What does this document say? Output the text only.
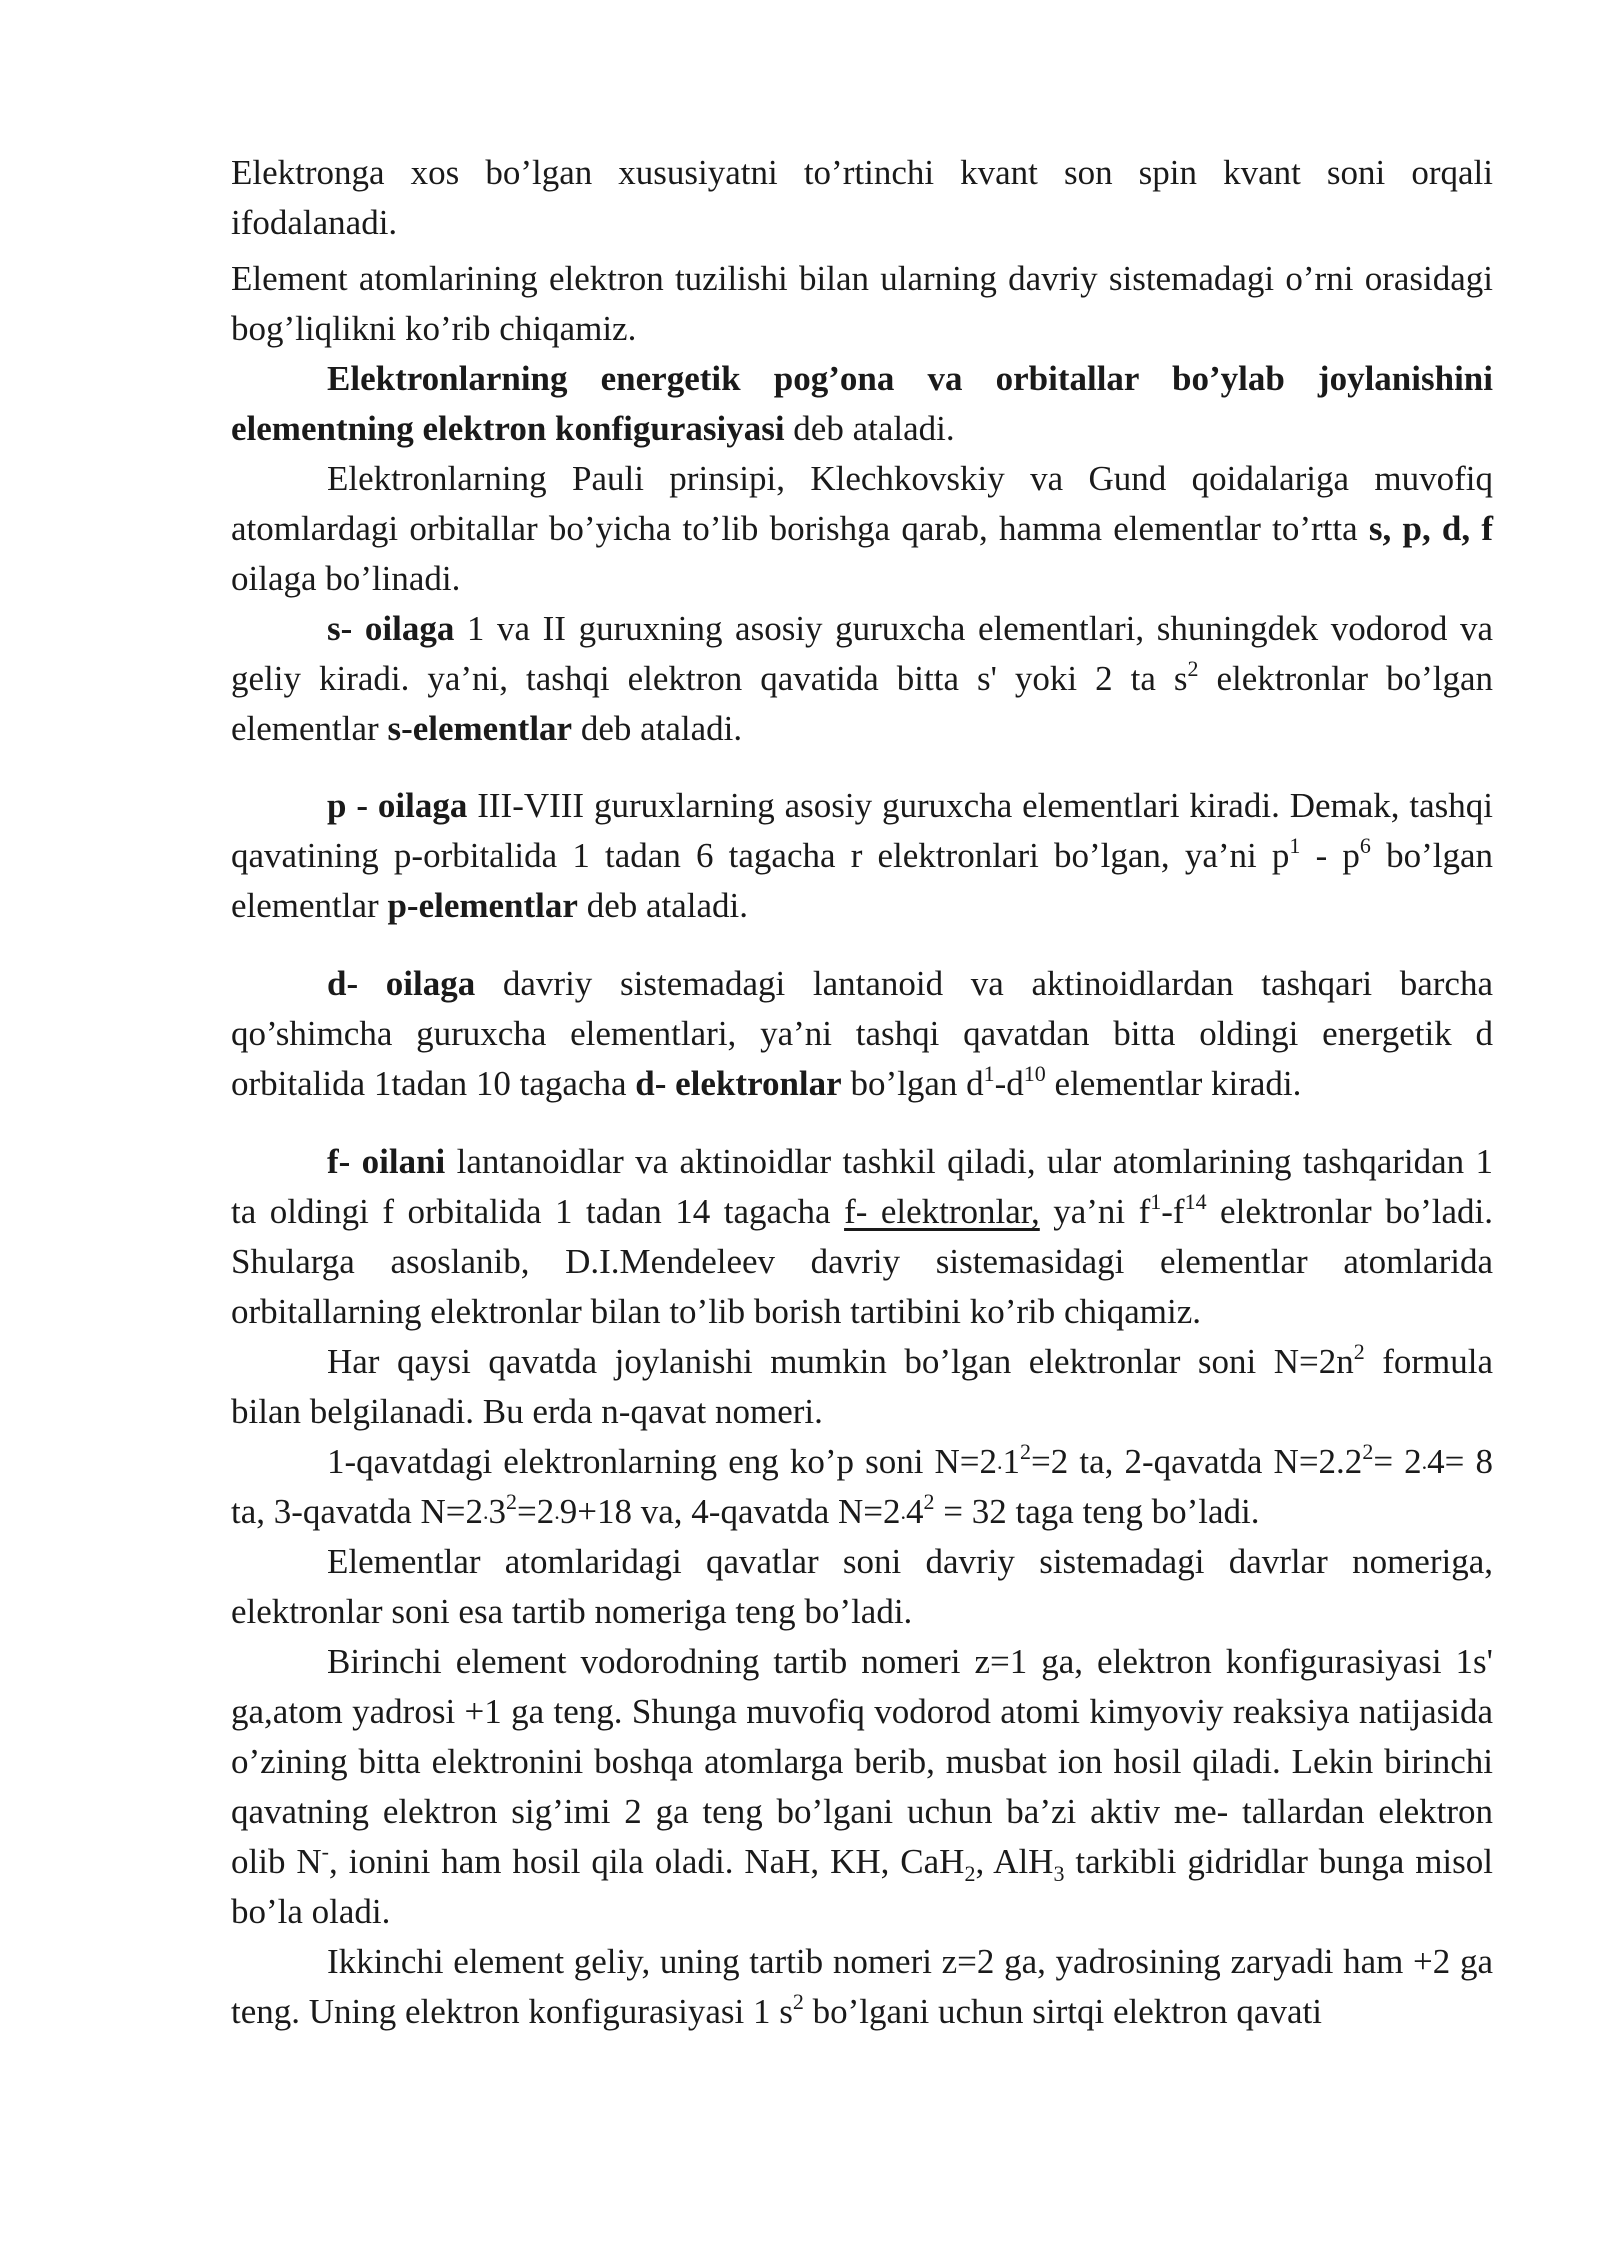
Elektronga xos bo’lgan xususiyatni to’rtinchi kvant son spin kvant soni orqali ifodalanadi.

Element atomlarining elektron tuzilishi bilan ularning davriy sistemadagi o’rni orasidagi bog’liqlikni ko’rib chiqamiz.

Elektronlarning energetik pog’ona va orbitallar bo’ylab joylanishini elementning elektron konfigurasiyasi deb ataladi.

Elektronlarning Pauli prinsipi, Klechkovskiy va Gund qoidalariga muvofiq atomlardagi orbitallar bo’yicha to’lib borishga qarab, hamma elementlar to’rtta s, p, d, f oilaga bo’linadi.

s- oilaga 1 va II guruxning asosiy guruxcha elementlari, shuningdek vodorod va geliy kiradi. ya’ni, tashqi elektron qavatida bitta s' yoki 2 ta $s^2$ elektronlar bo’lgan elementlar s-elementlar deb ataladi.

p - oilaga III-VIII guruxlarning asosiy guruxcha elementlari kiradi. Demak, tashqi qavatining p-orbitalida 1 tadan 6 tagacha r elektronlari bo’lgan, ya’ni $p^1 - p^6$ bo’lgan elementlar p-elementlar deb ataladi.

d- oilaga davriy sistemadagi lantanoid va aktinoidlardan tashqari barcha qo’shimcha guruxcha elementlari, ya’ni tashqi qavatdan bitta oldingi energetik d orbitalida 1tadan 10 tagacha d- elektronlar bo’lgan $d^1-d^{10}$ elementlar kiradi.

f- oilani lantanoidlar va aktinoidlar tashkil qiladi, ular atomlarining tashqaridan 1 ta oldingi f orbitalida 1 tadan 14 tagacha f- elektronlar, ya’ni $f^1-f^{14}$ elektronlar bo’ladi. Shularga asoslanib, D.I.Mendeleev davriy sistemasidagi elementlar atomlarida orbitallarning elektronlar bilan to’lib borish tartibini ko’rib chiqamiz.

Har qaysi qavatda joylanishi mumkin bo’lgan elektronlar soni $N=2n^2$ formula bilan belgilanadi. Bu erda n-qavat nomeri.

1-qavatdagi elektronlarning eng ko’p soni $N=2.1^2=2$ ta, 2-qavatda $N=2.2^2= 2.4= 8$ ta, 3-qavatda $N=2.3^2=2.9+18$ va, 4-qavatda $N=2.4^2 = 32$ taga teng bo’ladi.

Elementlar atomlaridagi qavatlar soni davriy sistemadagi davrlar nomeriga, elektronlar soni esa tartib nomeriga teng bo’ladi.

Birinchi element vodorodning tartib nomeri z=1 ga, elektron konfigurasiyasi 1s' ga,atom yadrosi +1 ga teng. Shunga muvofiq vodorod atomi kimyoviy reaksiya natijasida o’zining bitta elektronini boshqa atomlarga berib, musbat ion hosil qiladi. Lekin birinchi qavatning elektron sig’imi 2 ga teng bo’lgani uchun ba’zi aktiv me- tallardan elektron olib N-, ionini ham hosil qila oladi. NaH, KH, CaH$_2$, AlH$_3$ tarkibli gidridlar bunga misol bo’la oladi.

Ikkinchi element geliy, uning tartib nomeri z=2 ga, yadrosining zaryadi ham +2 ga teng. Uning elektron konfigurasiyasi 1 $s^2$ bo’lgani uchun sirtqi elektron qavati
